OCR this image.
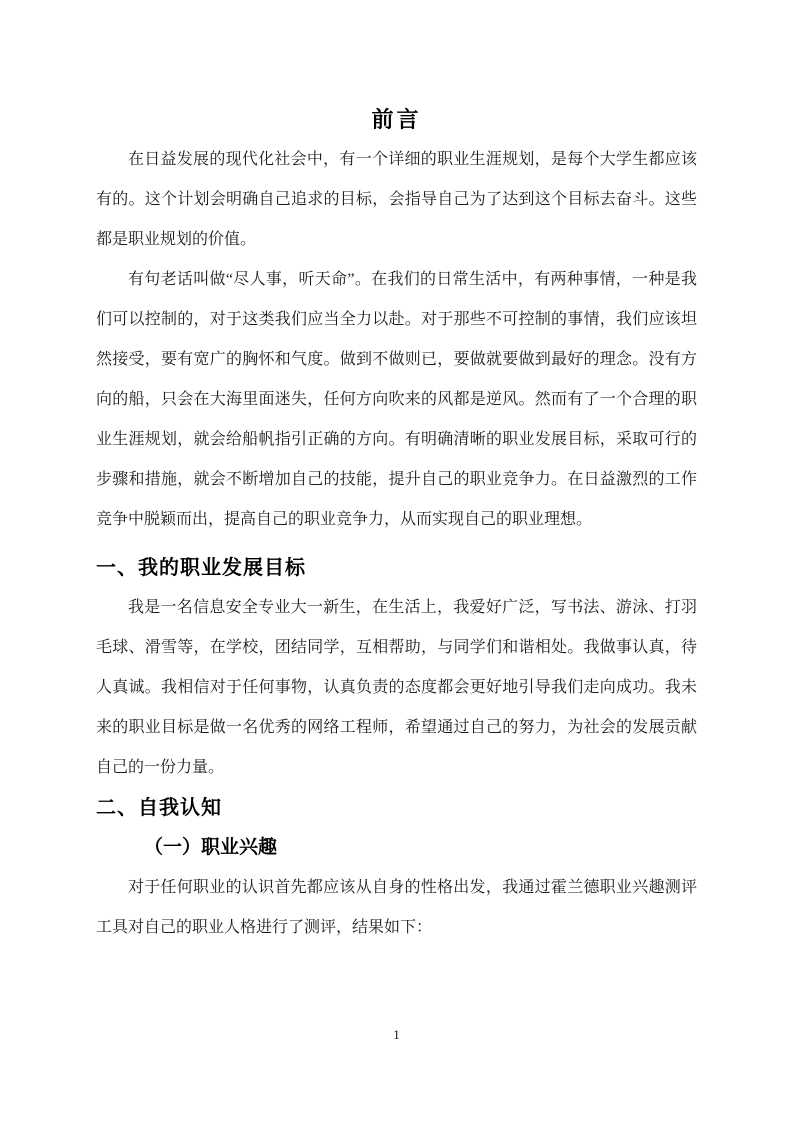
前言

在日益发展的现代化社会中，有一个详细的职业生涯规划，是每个大学生都应该有的。这个计划会明确自己追求的目标，会指导自己为了达到这个目标去奋斗。这些都是职业规划的价值。

有句老话叫做“尽人事，听天命”。在我们的日常生活中，有两种事情，一种是我们可以控制的，对于这类我们应当全力以赴。对于那些不可控制的事情，我们应该坦然接受，要有宽广的胸怀和气度。做到不做则已，要做就要做到最好的理念。没有方向的船，只会在大海里面迷失，任何方向吹来的风都是逆风。然而有了一个合理的职业生涯规划，就会给船帆指引正确的方向。有明确清晰的职业发展目标，采取可行的步骤和措施，就会不断增加自己的技能，提升自己的职业竞争力。在日益激烈的工作竞争中脱颖而出，提高自己的职业竞争力，从而实现自己的职业理想。

一、我的职业发展目标

我是一名信息安全专业大一新生，在生活上，我爱好广泛，写书法、游泳、打羽毛球、滑雪等，在学校，团结同学，互相帮助，与同学们和谐相处。我做事认真，待人真诚。我相信对于任何事物，认真负责的态度都会更好地引导我们走向成功。我未来的职业目标是做一名优秀的网络工程师，希望通过自己的努力，为社会的发展贡献自己的一份力量。

二、自我认知
（一）职业兴趣

对于任何职业的认识首先都应该从自身的性格出发，我通过霍兰德职业兴趣测评工具对自己的职业人格进行了测评，结果如下：

1
